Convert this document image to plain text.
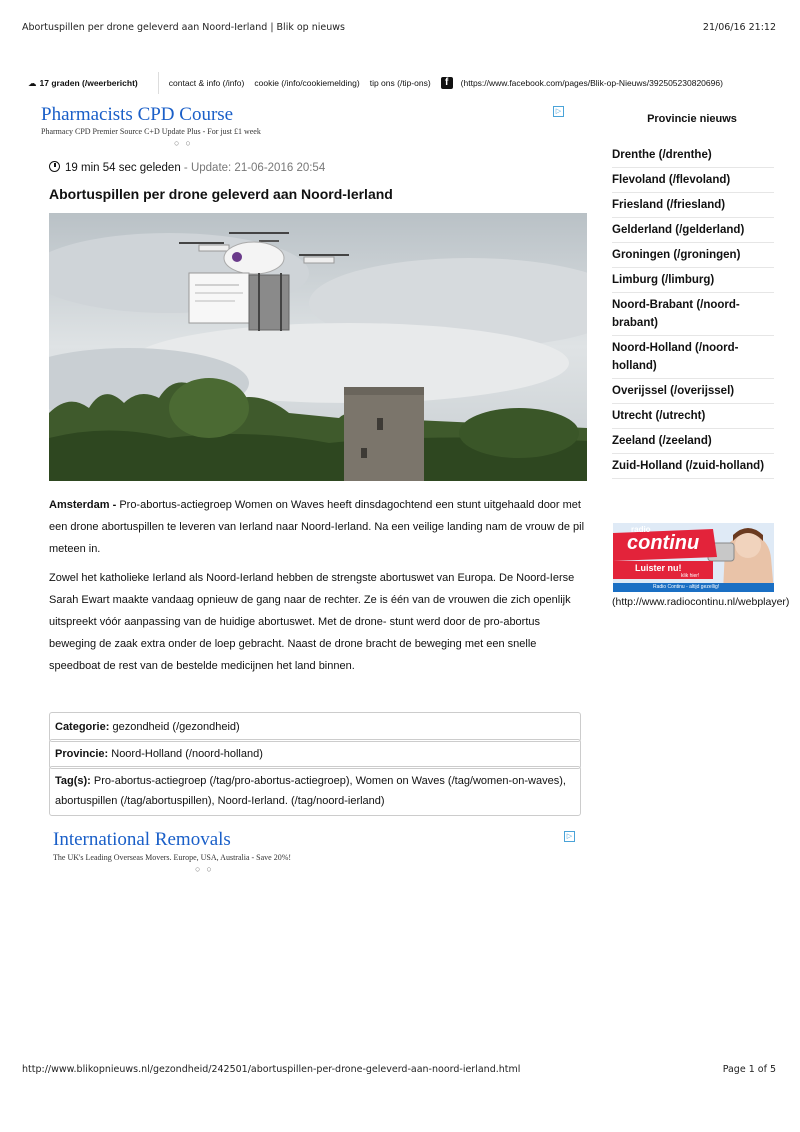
Abortuspillen per drone geleverd aan Noord-Ierland | Blik op nieuws	21/06/16 21:12
☁ 17 graden (/weerbericht)	contact & info (/info) cookie (/info/cookiemelding) tip ons (/tip-ons)	f	(https://www.facebook.com/pages/Blik-op-Nieuws/392505230820696)
Pharmacists CPD Course
Pharmacy CPD Premier Source C+D Update Plus - For just £1 week
○○
▷
19 min 54 sec geleden - Update: 21-06-2016 20:54
Abortuspillen per drone geleverd aan Noord-Ierland
Amsterdam - Pro-abortus-actiegroep Women on Waves heeft dinsdagochtend een stunt uitgehaald door met een drone abortuspillen te leveren van Ierland naar Noord-Ierland. Na een veilige landing nam de vrouw de pil meteen in.
Zowel het katholieke Ierland als Noord-Ierland hebben de strengste abortuswet van Europa. De Noord-Ierse Sarah Ewart maakte vandaag opnieuw de gang naar de rechter. Ze is één van de vrouwen die zich openlijk uitspreekt vóór aanpassing van de huidige abortuswet. Met de drone- stunt werd door de pro-abortus beweging de zaak extra onder de loep gebracht. Naast de drone bracht de beweging met een snelle speedboat de rest van de bestelde medicijnen het land binnen.
Categorie: gezondheid (/gezondheid)
Provincie: Noord-Holland (/noord-holland)
Tag(s): Pro-abortus-actiegroep (/tag/pro-abortus-actiegroep), Women on Waves (/tag/women-on-waves), abortuspillen (/tag/abortuspillen), Noord-Ierland. (/tag/noord-ierland)
International Removals
The UK's Leading Overseas Movers. Europe, USA, Australia - Save 20%!
○○
▷
Provincie nieuws
Drenthe (/drenthe)
Flevoland (/flevoland)
Friesland (/friesland)
Gelderland (/gelderland)
Groningen (/groningen)
Limburg (/limburg)
Noord-Brabant (/noord-brabant)
Noord-Holland (/noord-holland)
Overijssel (/overijssel)
Utrecht (/utrecht)
Zeeland (/zeeland)
Zuid-Holland (/zuid-holland)
radio
continu
Luister nu!
klik hier!
Radio Continu - altijd gezellig!
(http://www.radiocontinu.nl/webplayer)
http://www.blikopnieuws.nl/gezondheid/242501/abortuspillen-per-drone-geleverd-aan-noord-ierland.html	Page 1 of 5
